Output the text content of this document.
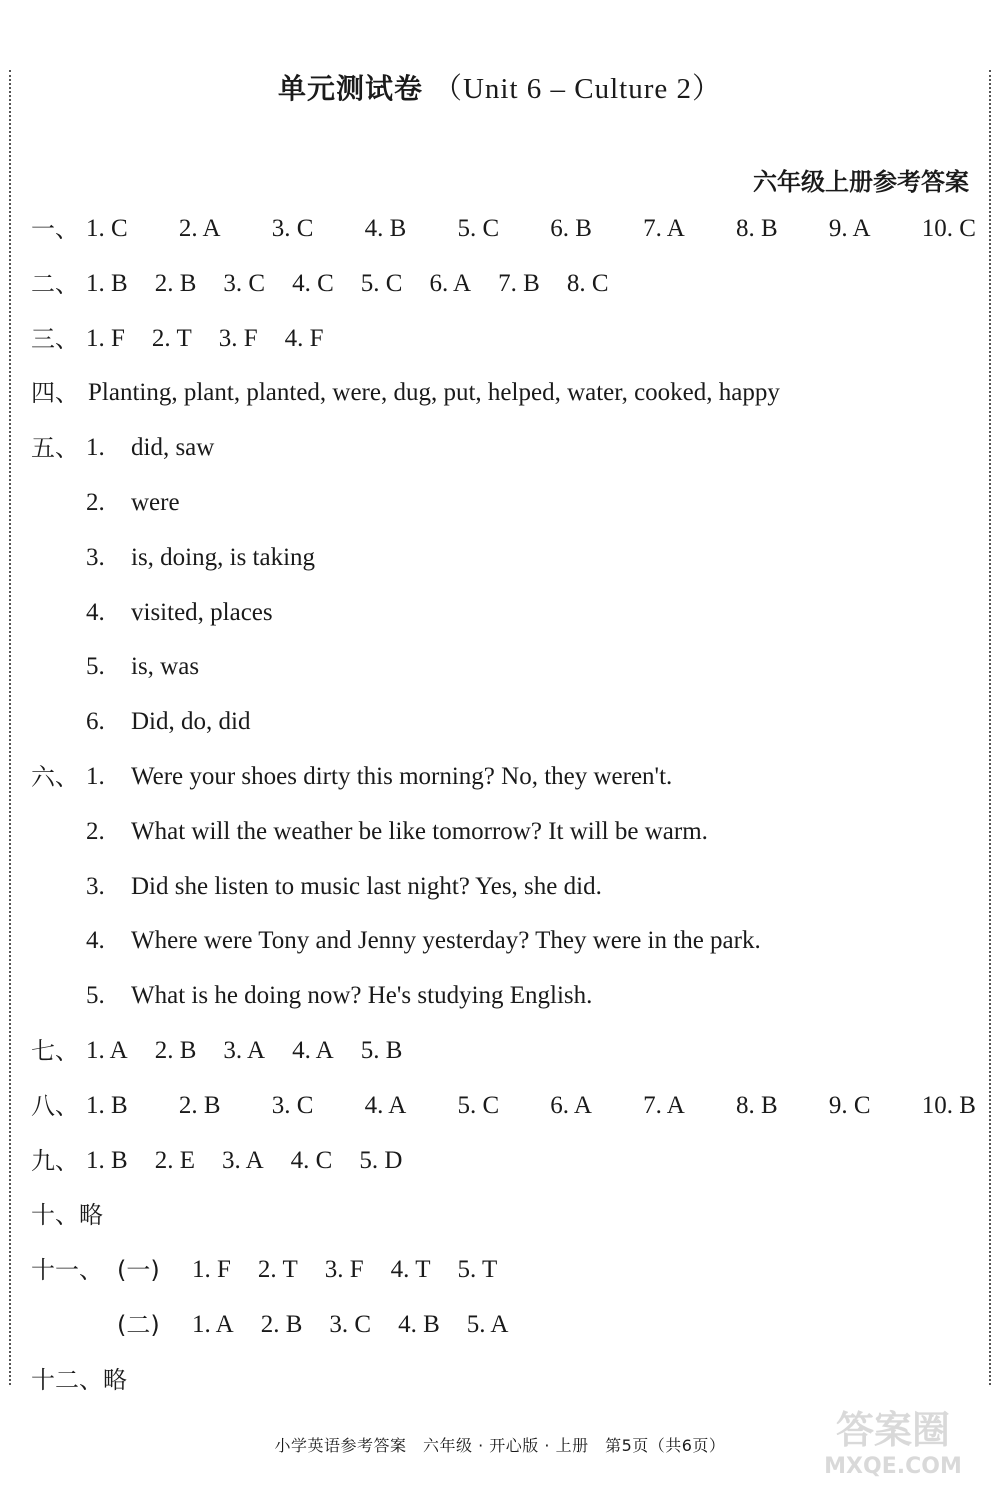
单元测试卷 （Unit 6 – Culture 2）
六年级上册参考答案
一、 1. C 2. A 3. C 4. B 5. C 6. B 7. A 8. B 9. A 10. C
二、 1. B 2. B 3. C 4. C 5. C 6. A 7. B 8. C
三、 1. F 2. T 3. F 4. F
四、 Planting, plant, planted, were, dug, put, helped, water, cooked, happy
五、 1. did, saw
2. were
3. is, doing, is taking
4. visited, places
5. is, was
6. Did, do, did
六、 1. Were your shoes dirty this morning? No, they weren't.
2. What will the weather be like tomorrow? It will be warm.
3. Did she listen to music last night? Yes, she did.
4. Where were Tony and Jenny yesterday? They were in the park.
5. What is he doing now? He's studying English.
七、 1. A 2. B 3. A 4. A 5. B
八、 1. B 2. B 3. C 4. A 5. C 6. A 7. A 8. B 9. C 10. B
九、 1. B 2. E 3. A 4. C 5. D
十、略
十一、 (一) 1. F 2. T 3. F 4. T 5. T
(二) 1. A 2. B 3. C 4. B 5. A
十二、略
小学英语参考答案　六年级 · 开心版 · 上册　第5页（共6页）	答案圈
MXQE.COM
